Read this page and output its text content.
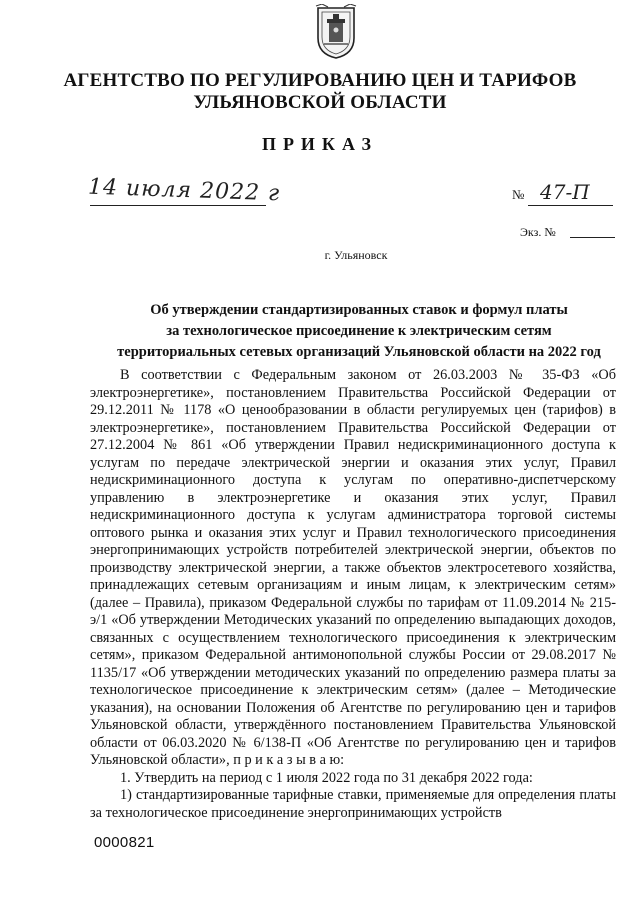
АГЕНТСТВО ПО РЕГУЛИРОВАНИЮ ЦЕН И ТАРИФОВ
УЛЬЯНОВСКОЙ ОБЛАСТИ
ПРИКАЗ
14 июля 2022 г	№ 47-П
Экз. №
г. Ульяновск
Об утверждении стандартизированных ставок и формул платы
за технологическое присоединение к электрическим сетям
территориальных сетевых организаций Ульяновской области на 2022 год

В соответствии с Федеральным законом от 26.03.2003 № 35-ФЗ «Об электроэнергетике», постановлением Правительства Российской Федерации от 29.12.2011 № 1178 «О ценообразовании в области регулируемых цен (тарифов) в электроэнергетике», постановлением Правительства Российской Федерации от 27.12.2004 № 861 «Об утверждении Правил недискриминационного доступа к услугам по передаче электрической энергии и оказания этих услуг, Правил недискриминационного доступа к услугам по оперативно-диспетчерскому управлению в электроэнергетике и оказания этих услуг, Правил недискриминационного доступа к услугам администратора торговой системы оптового рынка и оказания этих услуг и Правил технологического присоединения энергопринимающих устройств потребителей электрической энергии, объектов по производству электрической энергии, а также объектов электросетевого хозяйства, принадлежащих сетевым организациям и иным лицам, к электрическим сетям» (далее – Правила), приказом Федеральной службы по тарифам от 11.09.2014 № 215-э/1 «Об утверждении Методических указаний по определению выпадающих доходов, связанных с осуществлением технологического присоединения к электрическим сетям», приказом Федеральной антимонопольной службы России от 29.08.2017 № 1135/17 «Об утверждении методических указаний по определению размера платы за технологическое присоединение к электрическим сетям» (далее – Методические указания), на основании Положения об Агентстве по регулированию цен и тарифов Ульяновской области, утверждённого постановлением Правительства Ульяновской области от 06.03.2020 № 6/138-П «Об Агентстве по регулированию цен и тарифов Ульяновской области», п р и к а з ы в а ю:

1. Утвердить на период с 1 июля 2022 года по 31 декабря 2022 года:

1) стандартизированные тарифные ставки, применяемые для определения платы за технологическое присоединение энергопринимающих устройств

0000821
